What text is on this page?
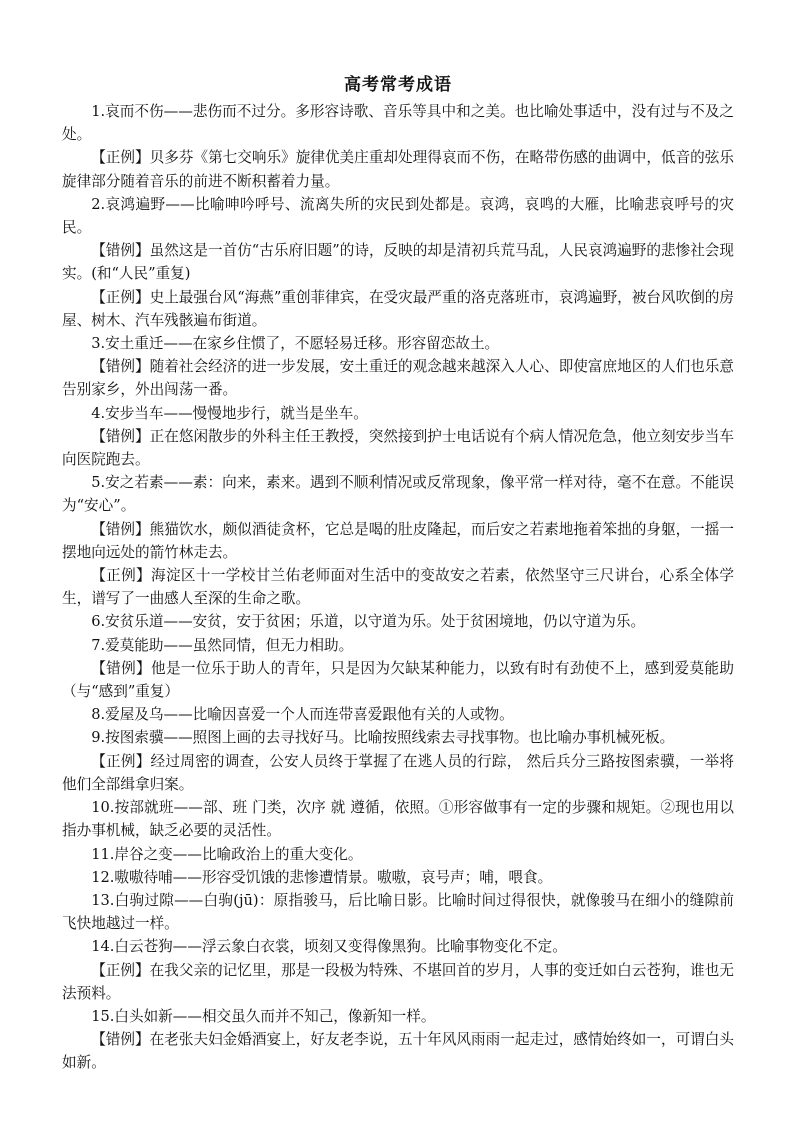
高考常考成语

1.哀而不伤——悲伤而不过分。多形容诗歌、音乐等具中和之美。也比喻处事适中，没有过与不及之处。

【正例】贝多芬《第七交响乐》旋律优美庄重却处理得哀而不伤，在略带伤感的曲调中，低音的弦乐旋律部分随着音乐的前进不断积蓄着力量。

2.哀鸿遍野——比喻呻吟呼号、流离失所的灾民到处都是。哀鸿，哀鸣的大雁，比喻悲哀呼号的灾民。

【错例】虽然这是一首仿“古乐府旧题”的诗，反映的却是清初兵荒马乱，人民哀鸿遍野的悲惨社会现实。(和“人民”重复)

【正例】史上最强台风“海燕”重创菲律宾，在受灾最严重的洛克落班市，哀鸿遍野，被台风吹倒的房屋、树木、汽车残骸遍布街道。

3.安土重迁——在家乡住惯了，不愿轻易迁移。形容留恋故土。

【错例】随着社会经济的进一步发展，安土重迁的观念越来越深入人心、即使富庶地区的人们也乐意告别家乡，外出闯荡一番。

4.安步当车——慢慢地步行，就当是坐车。

【错例】正在悠闲散步的外科主任王教授，突然接到护士电话说有个病人情况危急，他立刻安步当车向医院跑去。

5.安之若素——素：向来，素来。遇到不顺利情况或反常现象，像平常一样对待，毫不在意。不能误为“安心”。

【错例】熊猫饮水，颇似酒徒贪杯，它总是喝的肚皮隆起，而后安之若素地拖着笨拙的身躯，一摇一摆地向远处的箭竹林走去。

【正例】海淀区十一学校甘兰佑老师面对生活中的变故安之若素，依然坚守三尺讲台，心系全体学生，谱写了一曲感人至深的生命之歌。

6.安贫乐道——安贫，安于贫困；乐道，以守道为乐。处于贫困境地，仍以守道为乐。

7.爱莫能助——虽然同情，但无力相助。

【错例】他是一位乐于助人的青年，只是因为欠缺某种能力，以致有时有劲使不上，感到爱莫能助（与“感到”重复）

8.爱屋及乌——比喻因喜爱一个人而连带喜爱跟他有关的人或物。

9.按图索骥——照图上画的去寻找好马。比喻按照线索去寻找事物。也比喻办事机械死板。

【正例】经过周密的调查，公安人员终于掌握了在逃人员的行踪， 然后兵分三路按图索骥，一举将他们全部缉拿归案。

10.按部就班——部、班 门类，次序 就 遵循，依照。①形容做事有一定的步骤和规矩。②现也用以指办事机械，缺乏必要的灵活性。

11.岸谷之变——比喻政治上的重大变化。

12.嗷嗷待哺——形容受饥饿的悲惨遭情景。嗷嗷，哀号声；哺，喂食。

13.白驹过隙——白驹(jū)：原指骏马，后比喻日影。比喻时间过得很快，就像骏马在细小的缝隙前飞快地越过一样。

14.白云苍狗——浮云象白衣裳，顷刻又变得像黑狗。比喻事物变化不定。

【正例】在我父亲的记忆里，那是一段极为特殊、不堪回首的岁月，人事的变迁如白云苍狗，谁也无法预料。

15.白头如新——相交虽久而并不知己，像新知一样。

【错例】在老张夫妇金婚酒宴上，好友老李说，五十年风风雨雨一起走过，感情始终如一，可谓白头如新。
